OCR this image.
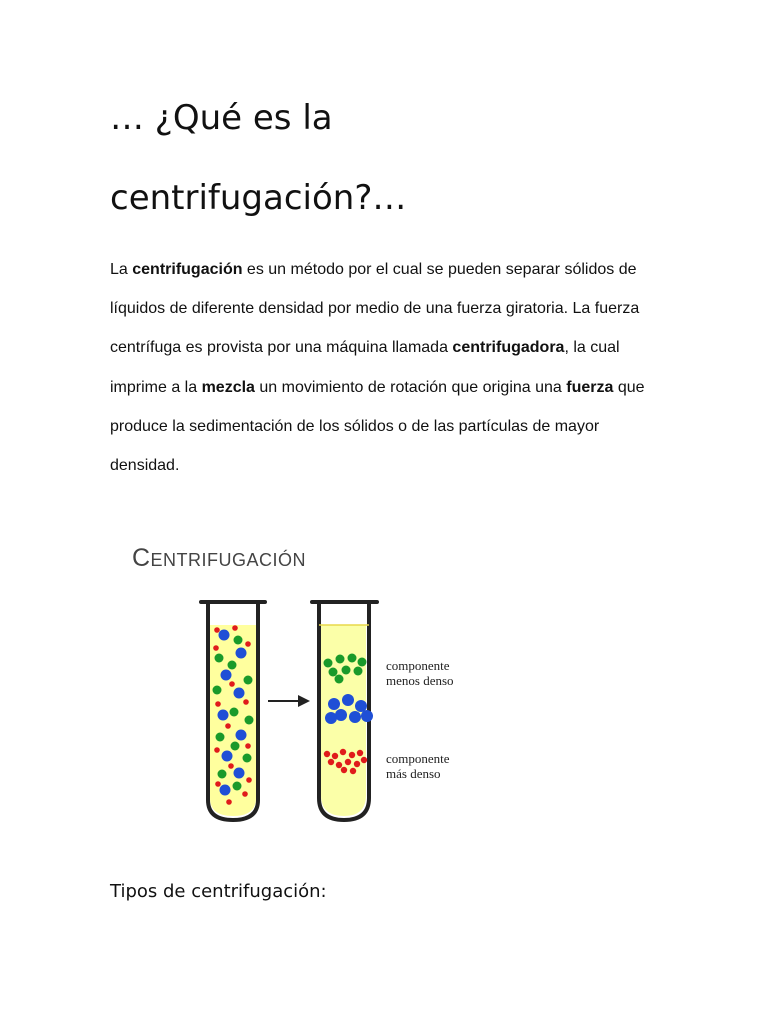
… ¿Qué es la
centrifugación?…

La centrifugación es un método por el cual se pueden separar sólidos de líquidos de diferente densidad por medio de una fuerza giratoria. La fuerza centrífuga es provista por una máquina llamada centrifugadora, la cual imprime a la mezcla un movimiento de rotación que origina una fuerza que produce la sedimentación de los sólidos o de las partículas de mayor densidad.

Centrifugación
componente
menos denso
componente
más denso
Tipos de centrifugación:
